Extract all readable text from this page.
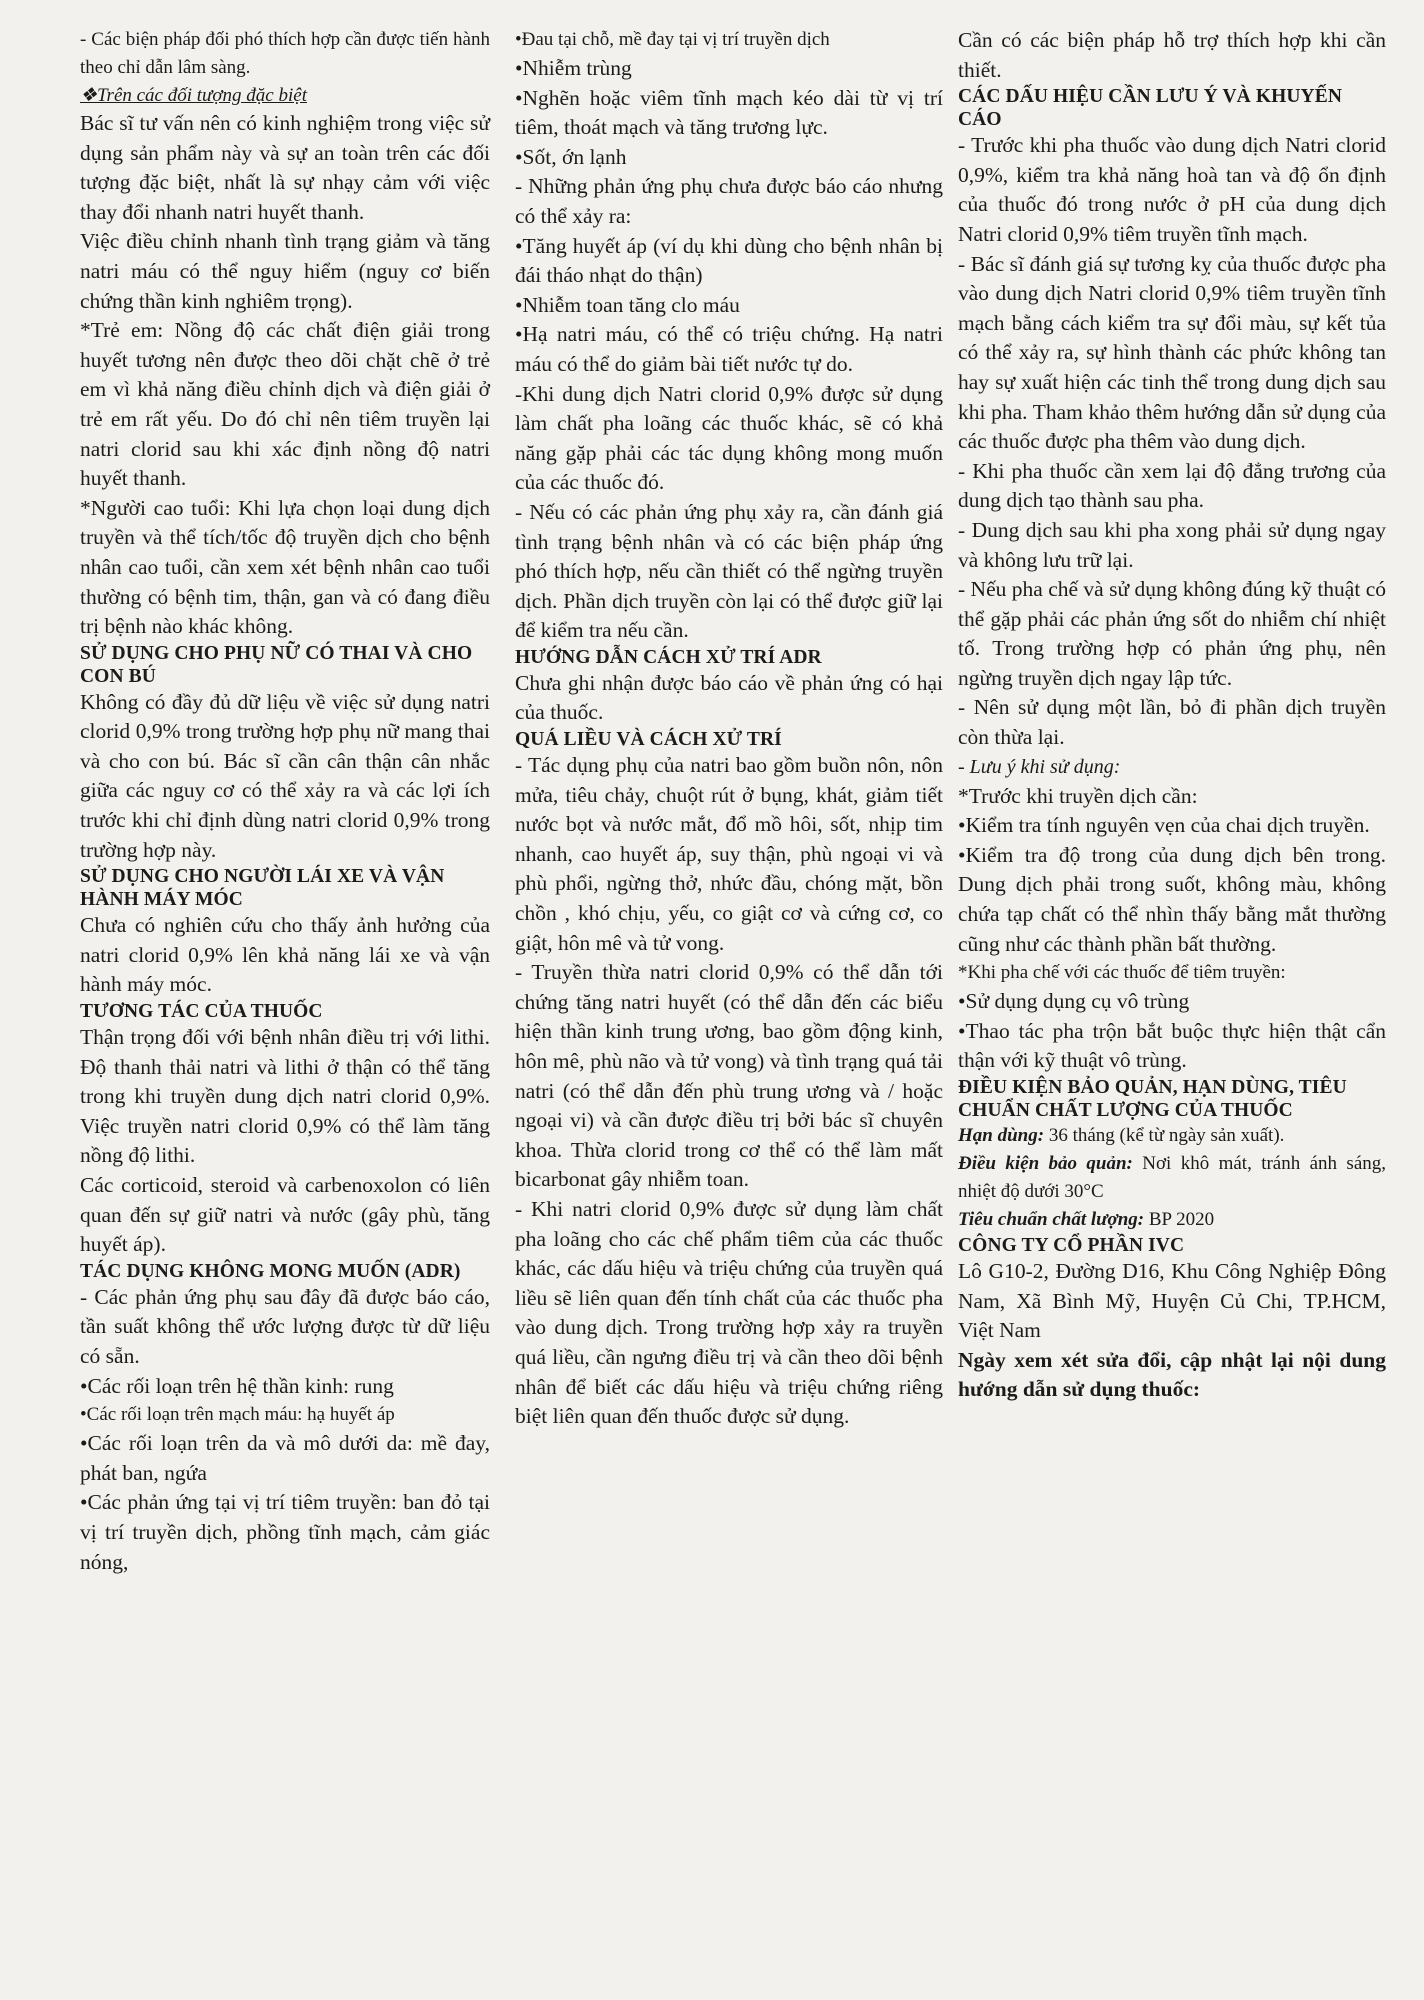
- Các biện pháp đối phó thích hợp cần được tiến hành theo chỉ dẫn lâm sàng.

❖Trên các đối tượng đặc biệt

Bác sĩ tư vấn nên có kinh nghiệm trong việc sử dụng sản phẩm này và sự an toàn trên các đối tượng đặc biệt, nhất là sự nhạy cảm với việc thay đổi nhanh natri huyết thanh.

Việc điều chỉnh nhanh tình trạng giảm và tăng natri máu có thể nguy hiểm (nguy cơ biến chứng thần kinh nghiêm trọng).

*Trẻ em: Nồng độ các chất điện giải trong huyết tương nên được theo dõi chặt chẽ ở trẻ em vì khả năng điều chỉnh dịch và điện giải ở trẻ em rất yếu. Do đó chỉ nên tiêm truyền lại natri clorid sau khi xác định nồng độ natri huyết thanh.

*Người cao tuổi: Khi lựa chọn loại dung dịch truyền và thể tích/tốc độ truyền dịch cho bệnh nhân cao tuổi, cần xem xét bệnh nhân cao tuổi thường có bệnh tim, thận, gan và có đang điều trị bệnh nào khác không.

SỬ DỤNG CHO PHỤ NỮ CÓ THAI VÀ CHO CON BÚ

Không có đầy đủ dữ liệu về việc sử dụng natri clorid 0,9% trong trường hợp phụ nữ mang thai và cho con bú. Bác sĩ cần cân thận cân nhắc giữa các nguy cơ có thể xảy ra và các lợi ích trước khi chỉ định dùng natri clorid 0,9% trong trường hợp này.

SỬ DỤNG CHO NGƯỜI LÁI XE VÀ VẬN HÀNH MÁY MÓC

Chưa có nghiên cứu cho thấy ảnh hưởng của natri clorid 0,9% lên khả năng lái xe và vận hành máy móc.

TƯƠNG TÁC CỦA THUỐC

Thận trọng đối với bệnh nhân điều trị với lithi. Độ thanh thải natri và lithi ở thận có thể tăng trong khi truyền dung dịch natri clorid 0,9%. Việc truyền natri clorid 0,9% có thể làm tăng nồng độ lithi.

Các corticoid, steroid và carbenoxolon có liên quan đến sự giữ natri và nước (gây phù, tăng huyết áp).

TÁC DỤNG KHÔNG MONG MUỐN (ADR)

- Các phản ứng phụ sau đây đã được báo cáo, tần suất không thể ước lượng được từ dữ liệu có sẵn.

•Các rối loạn trên hệ thần kinh: rung

•Các rối loạn trên mạch máu: hạ huyết áp

•Các rối loạn trên da và mô dưới da: mề đay, phát ban, ngứa

•Các phản ứng tại vị trí tiêm truyền: ban đỏ tại vị trí truyền dịch, phồng tĩnh mạch, cảm giác nóng,

•Đau tại chỗ, mề đay tại vị trí truyền dịch

•Nhiễm trùng

•Nghẽn hoặc viêm tĩnh mạch kéo dài từ vị trí tiêm, thoát mạch và tăng trương lực.

•Sốt, ớn lạnh

- Những phản ứng phụ chưa được báo cáo nhưng có thể xảy ra:

•Tăng huyết áp (ví dụ khi dùng cho bệnh nhân bị đái tháo nhạt do thận)

•Nhiễm toan tăng clo máu

•Hạ natri máu, có thể có triệu chứng. Hạ natri máu có thể do giảm bài tiết nước tự do.

-Khi dung dịch Natri clorid 0,9% được sử dụng làm chất pha loãng các thuốc khác, sẽ có khả năng gặp phải các tác dụng không mong muốn của các thuốc đó.

- Nếu có các phản ứng phụ xảy ra, cần đánh giá tình trạng bệnh nhân và có các biện pháp ứng phó thích hợp, nếu cần thiết có thể ngừng truyền dịch. Phần dịch truyền còn lại có thể được giữ lại để kiểm tra nếu cần.

HƯỚNG DẪN CÁCH XỬ TRÍ ADR

Chưa ghi nhận được báo cáo về phản ứng có hại của thuốc.

QUÁ LIỀU VÀ CÁCH XỬ TRÍ

- Tác dụng phụ của natri bao gồm buồn nôn, nôn mửa, tiêu chảy, chuột rút ở bụng, khát, giảm tiết nước bọt và nước mắt, đổ mồ hôi, sốt, nhịp tim nhanh, cao huyết áp, suy thận, phù ngoại vi và phù phổi, ngừng thở, nhức đầu, chóng mặt, bồn chồn , khó chịu, yếu, co giật cơ và cứng cơ, co giật, hôn mê và tử vong.

- Truyền thừa natri clorid 0,9% có thể dẫn tới chứng tăng natri huyết (có thể dẫn đến các biểu hiện thần kinh trung ương, bao gồm động kinh, hôn mê, phù não và tử vong) và tình trạng quá tải natri (có thể dẫn đến phù trung ương và / hoặc ngoại vi) và cần được điều trị bởi bác sĩ chuyên khoa. Thừa clorid trong cơ thể có thể làm mất bicarbonat gây nhiễm toan.

- Khi natri clorid 0,9% được sử dụng làm chất pha loãng cho các chế phẩm tiêm của các thuốc khác, các dấu hiệu và triệu chứng của truyền quá liều sẽ liên quan đến tính chất của các thuốc pha vào dung dịch. Trong trường hợp xảy ra truyền quá liều, cần ngưng điều trị và cần theo dõi bệnh nhân để biết các dấu hiệu và triệu chứng riêng biệt liên quan đến thuốc được sử dụng.

Cần có các biện pháp hỗ trợ thích hợp khi cần thiết.

CÁC DẤU HIỆU CẦN LƯU Ý VÀ KHUYẾN CÁO

- Trước khi pha thuốc vào dung dịch Natri clorid 0,9%, kiểm tra khả năng hoà tan và độ ổn định của thuốc đó trong nước ở pH của dung dịch Natri clorid 0,9% tiêm truyền tĩnh mạch.

- Bác sĩ đánh giá sự tương kỵ của thuốc được pha vào dung dịch Natri clorid 0,9% tiêm truyền tĩnh mạch bằng cách kiểm tra sự đổi màu, sự kết tủa có thể xảy ra, sự hình thành các phức không tan hay sự xuất hiện các tinh thể trong dung dịch sau khi pha. Tham khảo thêm hướng dẫn sử dụng của các thuốc được pha thêm vào dung dịch.

- Khi pha thuốc cần xem lại độ đẳng trương của dung dịch tạo thành sau pha.

- Dung dịch sau khi pha xong phải sử dụng ngay và không lưu trữ lại.

- Nếu pha chế và sử dụng không đúng kỹ thuật có thể gặp phải các phản ứng sốt do nhiễm chí nhiệt tố. Trong trường hợp có phản ứng phụ, nên ngừng truyền dịch ngay lập tức.

- Nên sử dụng một lần, bỏ đi phần dịch truyền còn thừa lại.

- Lưu ý khi sử dụng:

*Trước khi truyền dịch cần:

•Kiểm tra tính nguyên vẹn của chai dịch truyền.

•Kiểm tra độ trong của dung dịch bên trong. Dung dịch phải trong suốt, không màu, không chứa tạp chất có thể nhìn thấy bằng mắt thường cũng như các thành phần bất thường.

*Khi pha chế với các thuốc để tiêm truyền:

•Sử dụng dụng cụ vô trùng

•Thao tác pha trộn bắt buộc thực hiện thật cẩn thận với kỹ thuật vô trùng.

ĐIỀU KIỆN BẢO QUẢN, HẠN DÙNG, TIÊU CHUẨN CHẤT LƯỢNG CỦA THUỐC

Hạn dùng: 36 tháng (kể từ ngày sản xuất).

Điều kiện bảo quản: Nơi khô mát, tránh ánh sáng, nhiệt độ dưới 30°C

Tiêu chuẩn chất lượng: BP 2020

CÔNG TY CỔ PHẦN IVC

Lô G10-2, Đường D16, Khu Công Nghiệp Đông Nam, Xã Bình Mỹ, Huyện Củ Chi, TP.HCM, Việt Nam

Ngày xem xét sửa đổi, cập nhật lại nội dung hướng dẫn sử dụng thuốc:
